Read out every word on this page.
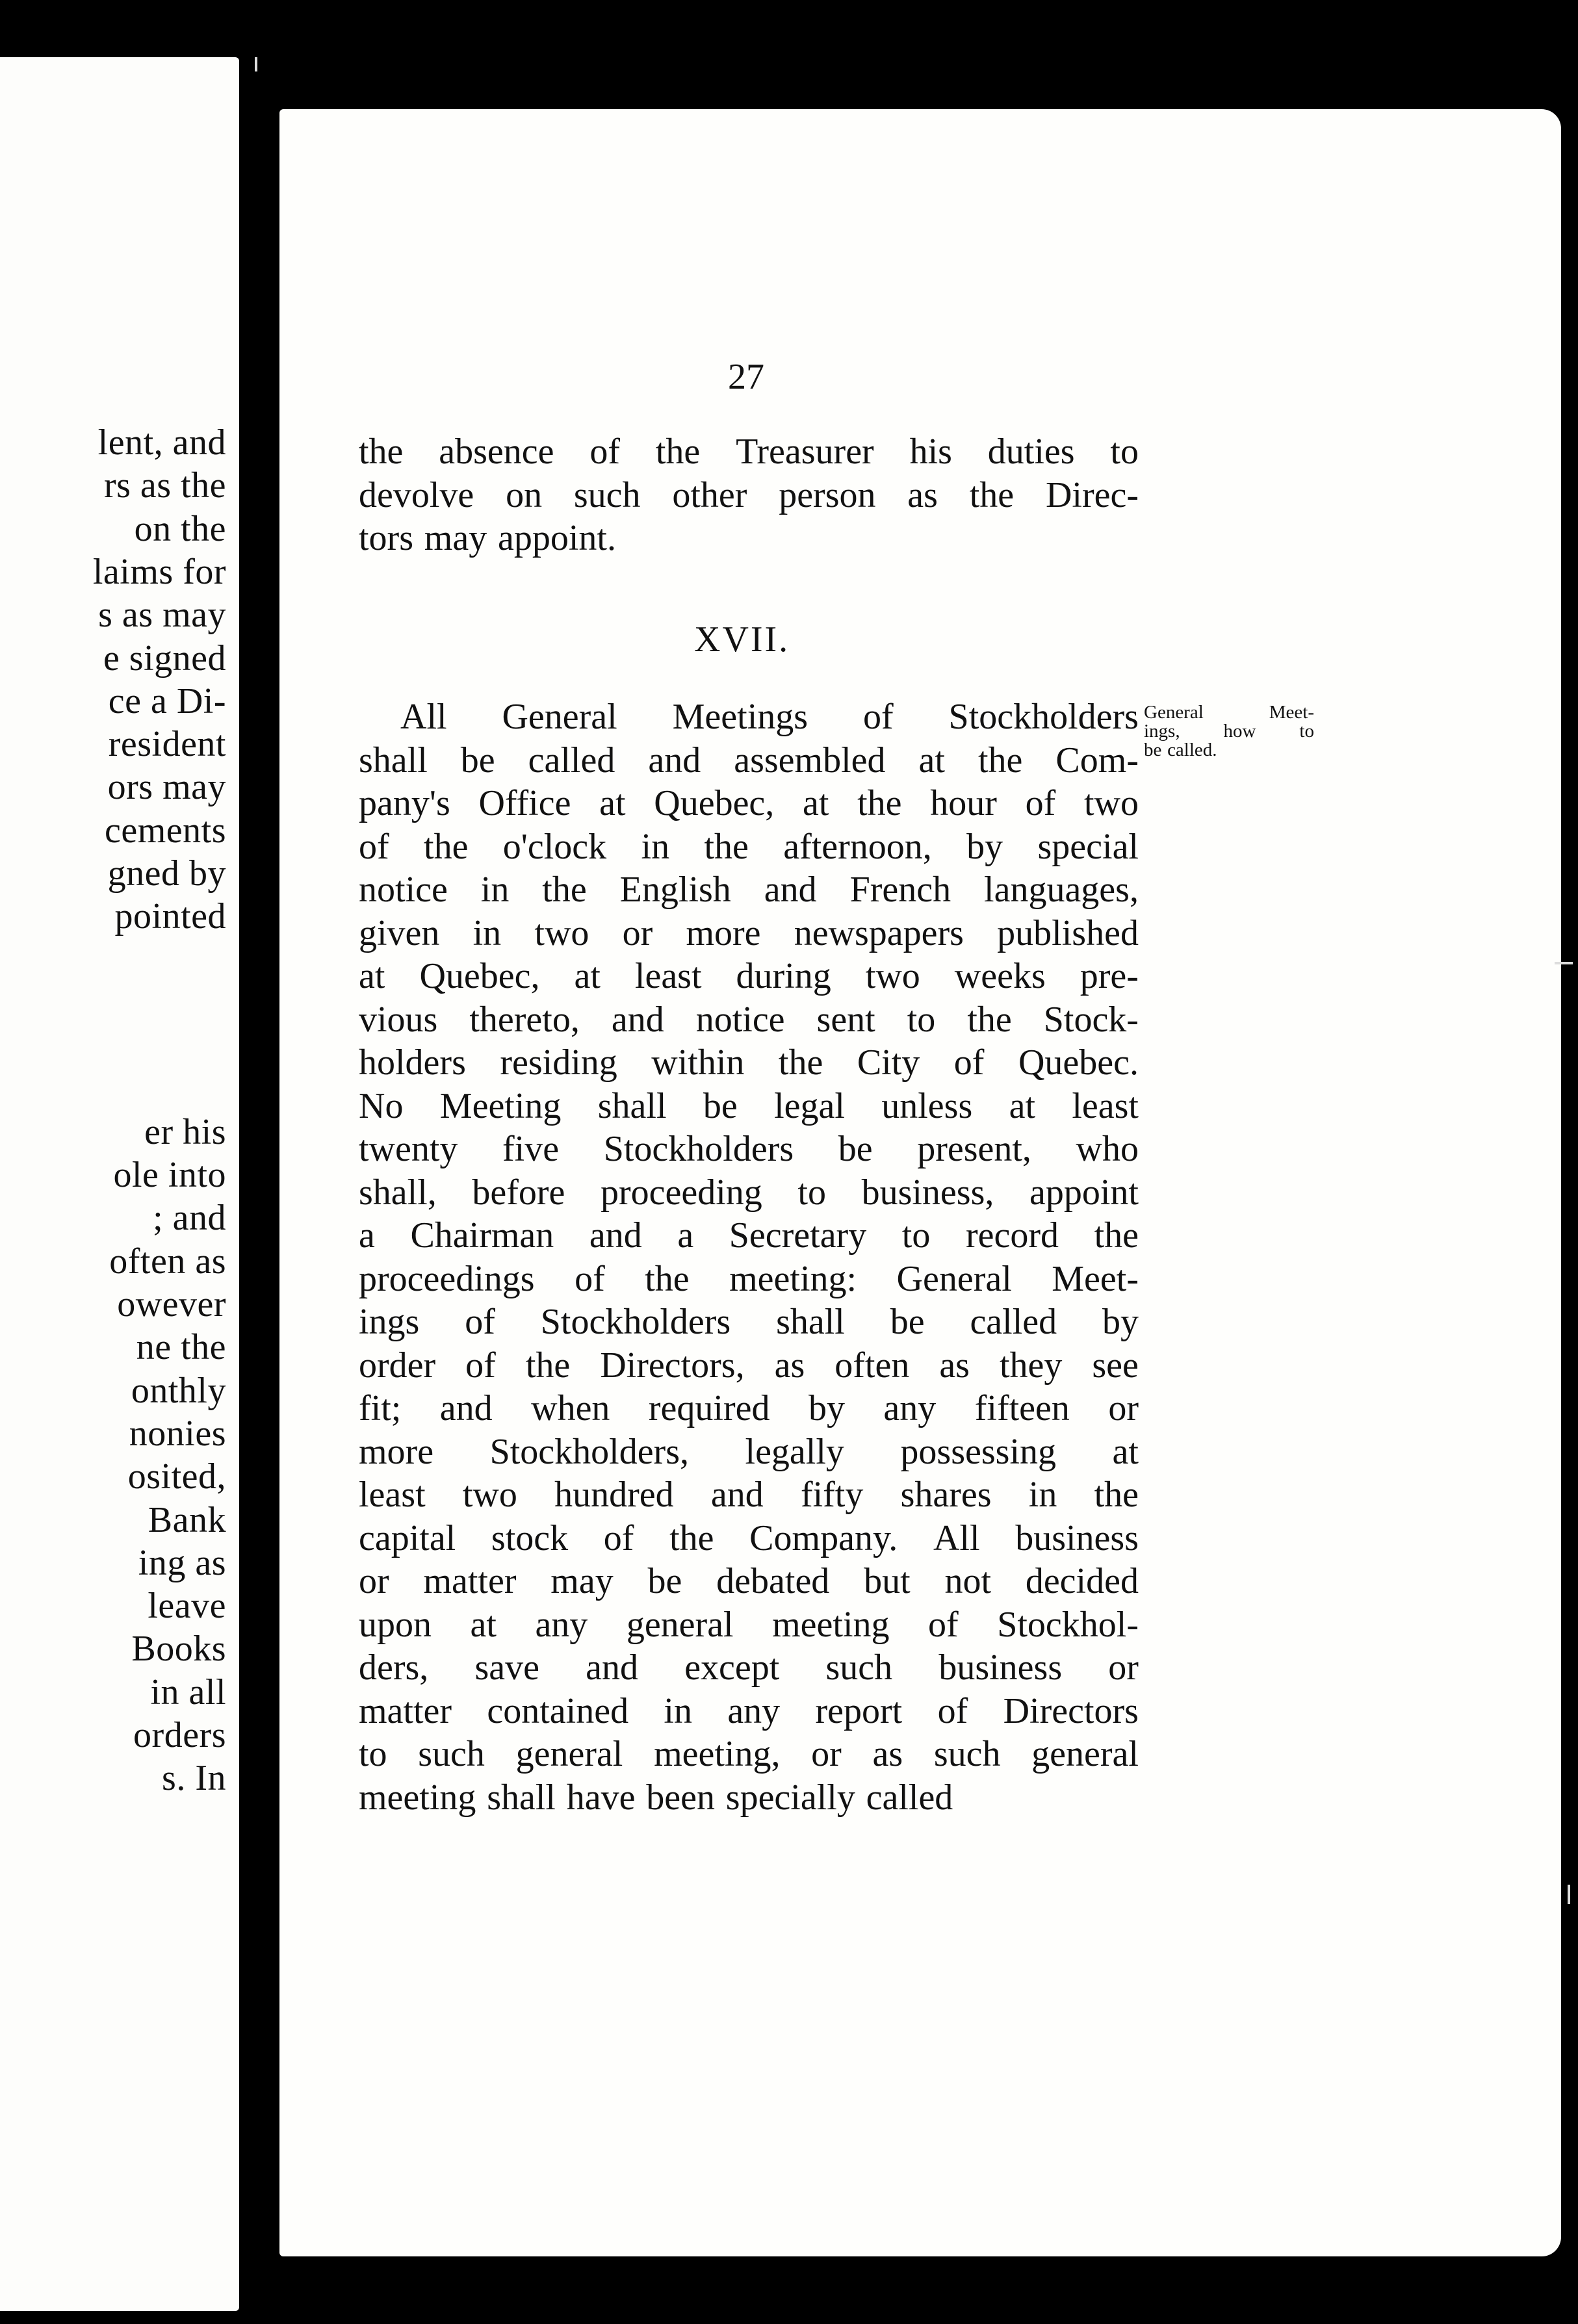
lent, and
rs as the
on the
laims for
s as may
e signed
ce a Di-
resident
ors may
cements
gned by
pointed
er his
ole into
; and
often as
owever
ne the
onthly
nonies
osited,
Bank
ing as
leave
Books
in all
orders
s. In
27
the absence of the Treasurer his duties to
devolve on such other person as the Direc-
tors may appoint.
XVII.
All General Meetings of Stockholders
shall be called and assembled at the Com-
pany's Office at Quebec, at the hour of two
of the o'clock in the afternoon, by special
notice in the English and French languages,
given in two or more newspapers published
at Quebec, at least during two weeks pre-
vious thereto, and notice sent to the Stock-
holders residing within the City of Quebec.
No Meeting shall be legal unless at least
twenty five Stockholders be present, who
shall, before proceeding to business, appoint
a Chairman and a Secretary to record the
proceedings of the meeting: General Meet-
ings of Stockholders shall be called by
order of the Directors, as often as they see
fit; and when required by any fifteen or
more Stockholders, legally possessing at
least two hundred and fifty shares in the
capital stock of the Company. All business
or matter may be debated but not decided
upon at any general meeting of Stockhol-
ders, save and except such business or
matter contained in any report of Directors
to such general meeting, or as such general
meeting shall have been specially called
General	Meet-
ings, how to
be called.
